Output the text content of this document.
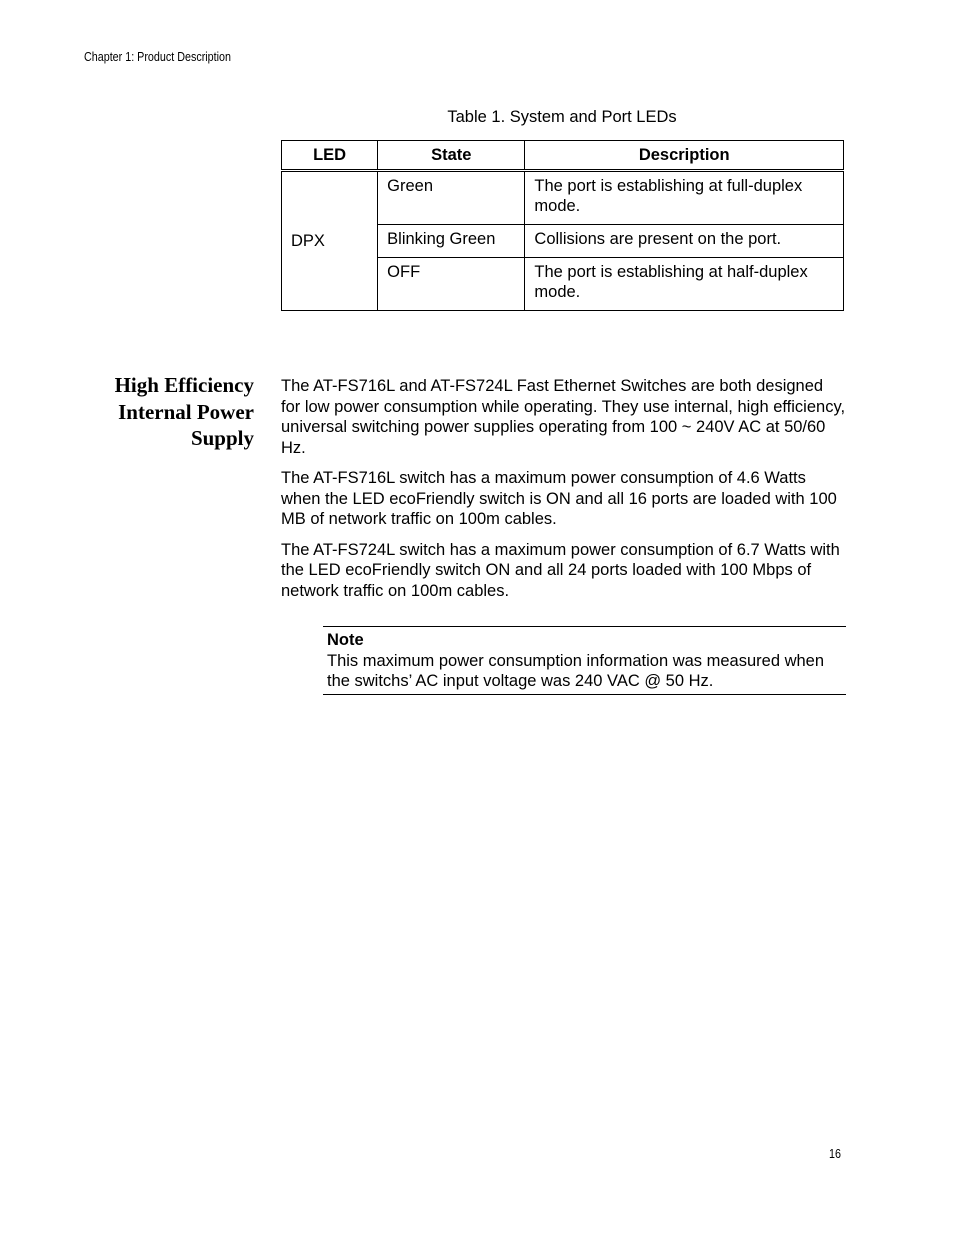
Chapter 1: Product Description
Table 1. System and Port LEDs
LED	State	Description
DPX	Green	The port is establishing at full-duplex mode.
	Blinking Green	Collisions are present on the port.
	OFF	The port is establishing at half-duplex mode.
High Efficiency
Internal Power
Supply

The AT-FS716L and AT-FS724L Fast Ethernet Switches are both designed for low power consumption while operating. They use internal, high efficiency, universal switching power supplies operating from 100 ~ 240V AC at 50/60 Hz.

The AT-FS716L switch has a maximum power consumption of 4.6 Watts when the LED ecoFriendly switch is ON and all 16 ports are loaded with 100 MB of network traffic on 100m cables.

The AT-FS724L switch has a maximum power consumption of 6.7 Watts with the LED ecoFriendly switch ON and all 24 ports loaded with 100 Mbps of network traffic on 100m cables.

Note
This maximum power consumption information was measured when the switchs’ AC input voltage was 240 VAC @ 50 Hz.
16
